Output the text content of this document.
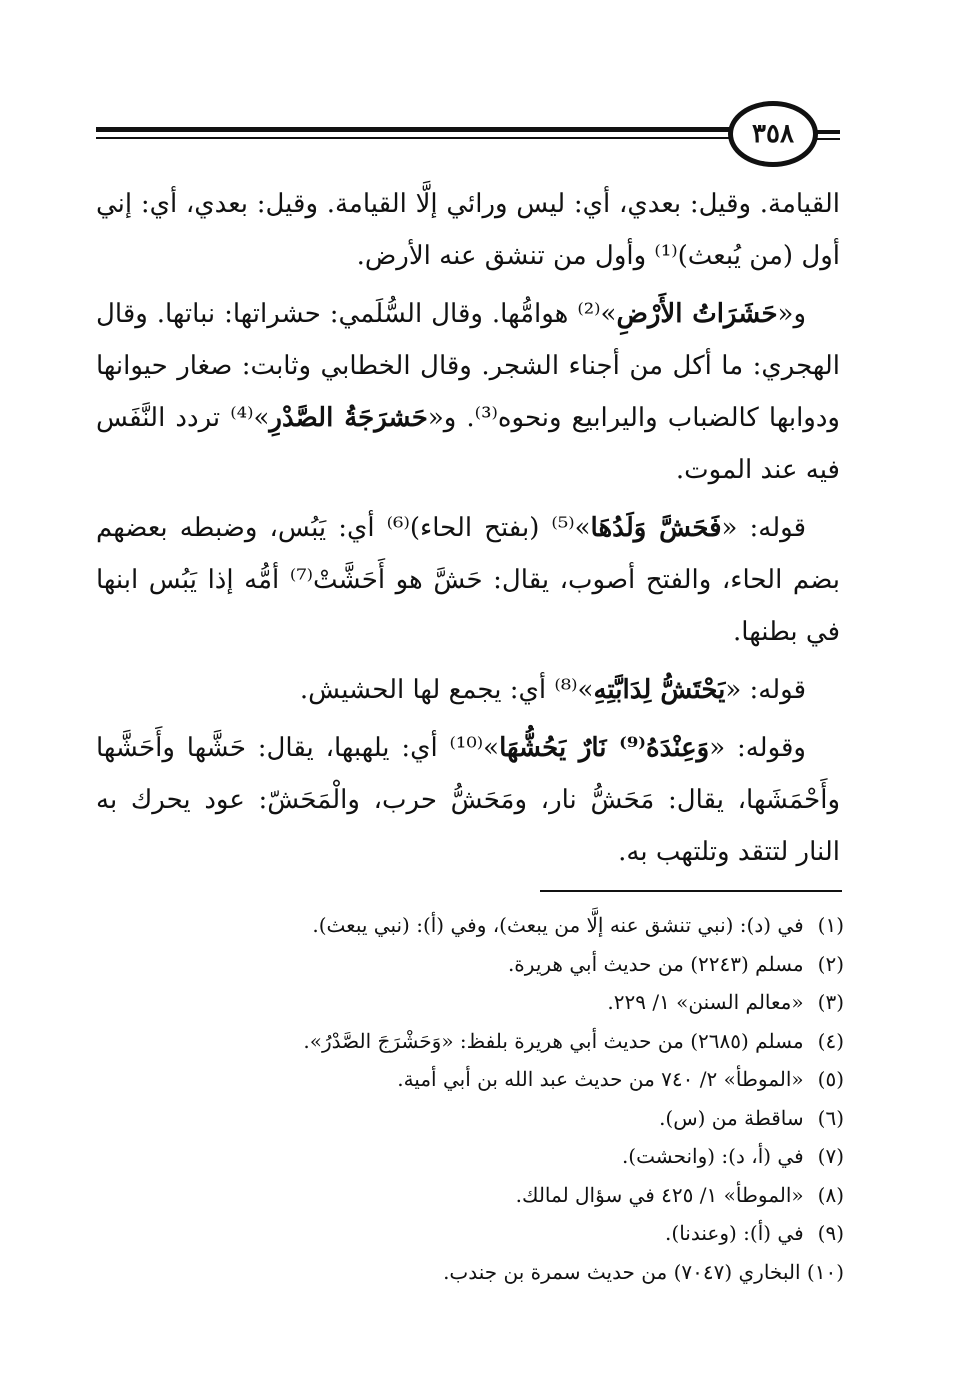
٣٥٨

القيامة. وقيل: بعدي، أي: ليس ورائي إلَّا القيامة. وقيل: بعدي، أي: إني أول (من يُبعث)⁽¹⁾ وأول من تنشق عنه الأرض.

و«حَشَرَاتُ الأَرْضِ»⁽²⁾ هوامُّها. وقال السُّلَمي: حشراتها: نباتها. وقال الهجري: ما أكل من أجناء الشجر. وقال الخطابي وثابت: صغار حيوانها ودوابها كالضباب واليرابيع ونحوه⁽³⁾. و«حَشرَجَةُ الصَّدْرِ»⁽⁴⁾ تردد النَّفَس فيه عند الموت.

قوله: «فَحَشَّ وَلَدُهَا»⁽⁵⁾ (بفتح الحاء)⁽⁶⁾ أي: يَبُس، وضبطه بعضهم بضم الحاء، والفتح أصوب، يقال: حَشَّ هو أَحَشَّتْ⁽⁷⁾ أمُّه إذا يَبُس ابنها في بطنها.

قوله: «يَحْتَشُّ لِدَابَّتِهِ»⁽⁸⁾ أي: يجمع لها الحشيش.

وقوله: «وَعِنْدَهُ⁽⁹⁾ نَارٌ يَحُشُّهَا»⁽¹⁰⁾ أي: يلهبها، يقال: حَشَّها وأَحَشَّها وأَحْمَشَها، يقال: مَحَشُّ نار، ومَحَشُّ حرب، والْمَحَشّ: عود يحرك به النار لتتقد وتلتهب به.

(١) في (د): (نبي تنشق عنه إلَّا من يبعث)، وفي (أ): (نبي يبعث).
(٢) مسلم (٢٢٤٣) من حديث أبي هريرة.
(٣) «معالم السنن» ١/ ٢٢٩.
(٤) مسلم (٢٦٨٥) من حديث أبي هريرة بلفظ: «وَحَشْرَجَ الصَّدْرُ».
(٥) «الموطأ» ٢/ ٧٤٠ من حديث عبد الله بن أبي أمية.
(٦) ساقطة من (س).
(٧) في (أ، د): (وانحشت).
(٨) «الموطأ» ١/ ٤٢٥ في سؤال لمالك.
(٩) في (أ): (وعندنا).
(١٠) البخاري (٧٠٤٧) من حديث سمرة بن جندب.
